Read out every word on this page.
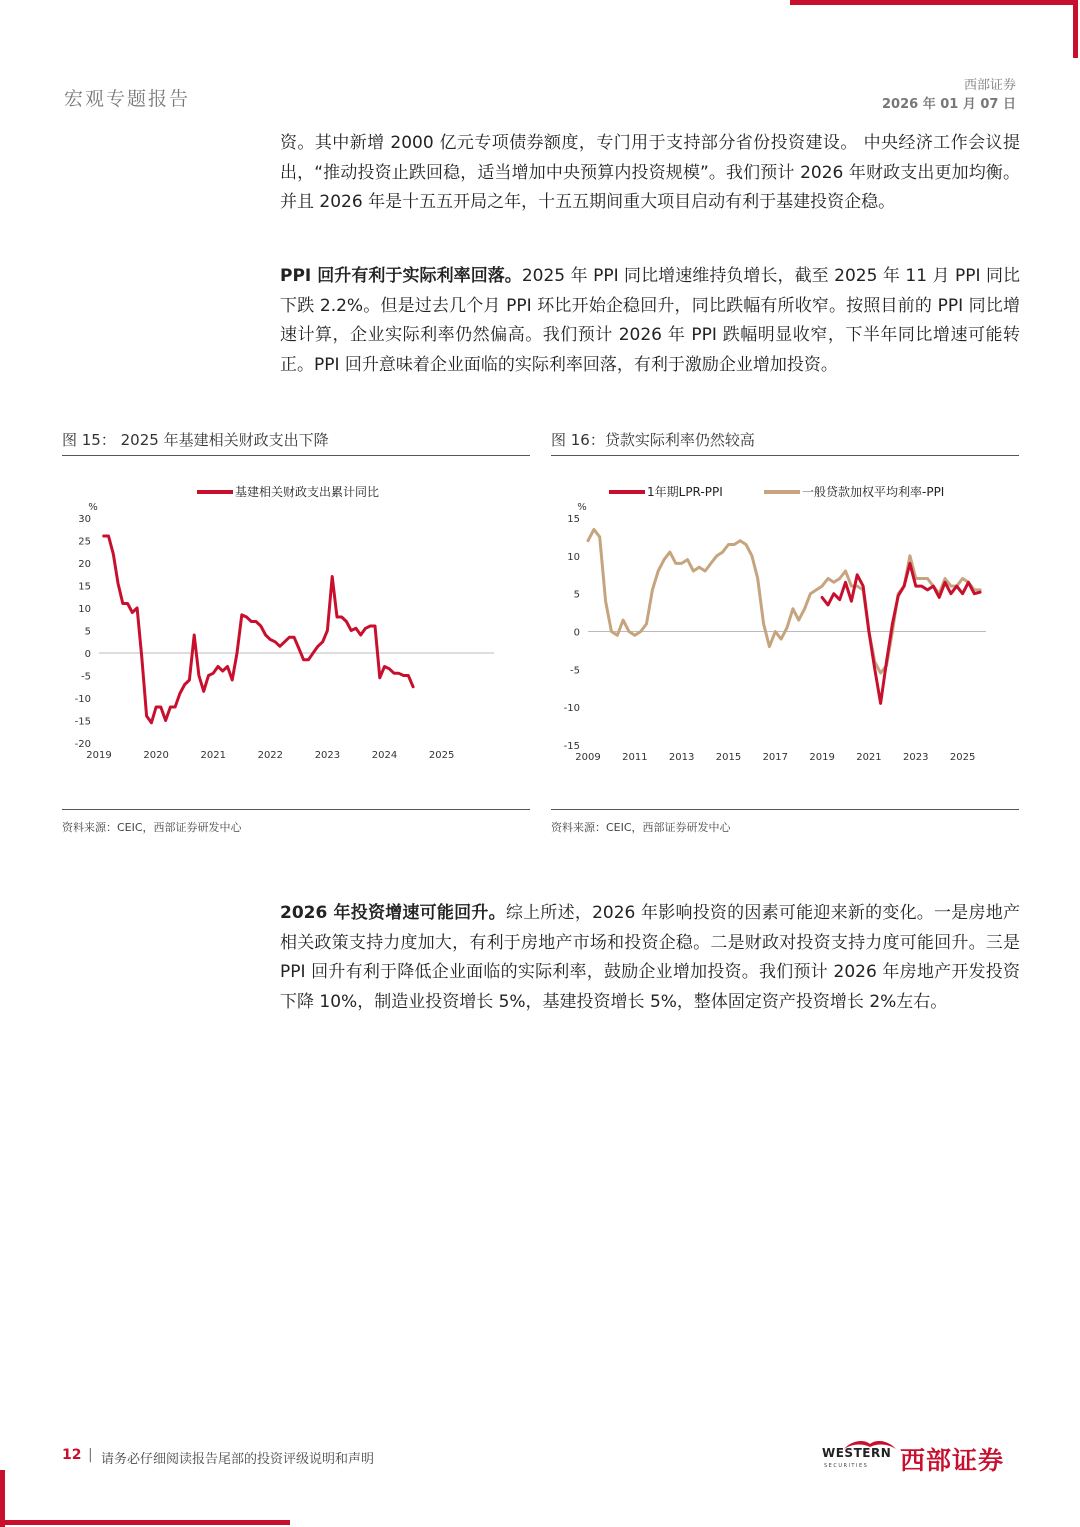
宏观专题报告
西部证券
2026 年 01 月 07 日
资。其中新增 2000 亿元专项债券额度，专门用于支持部分省份投资建设。 中央经济工作会议提出，“推动投资止跌回稳，适当增加中央预算内投资规模”。我们预计 2026 年财政支出更加均衡。并且 2026 年是十五五开局之年，十五五期间重大项目启动有利于基建投资企稳。
PPI 回升有利于实际利率回落。2025 年 PPI 同比增速维持负增长，截至 2025 年 11 月 PPI 同比下跌 2.2%。但是过去几个月 PPI 环比开始企稳回升，同比跌幅有所收窄。按照目前的 PPI 同比增速计算，企业实际利率仍然偏高。我们预计 2026 年 PPI 跌幅明显收窄，下半年同比增速可能转正。PPI 回升意味着企业面临的实际利率回落，有利于激励企业增加投资。
图 15： 2025 年基建相关财政支出下降
%
30
25
20
15
10
5
0
-5
-10
-15
-20
2019	2020	2021	2022	2023	2024	2025
基建相关财政支出累计同比
资料来源：CEIC，西部证券研发中心
图 16：贷款实际利率仍然较高
%
15
10
5
0
-5
-10
-15
2009 2011 2013 2015 2017 2019 2021 2023 2025
1年期LPR-PPI	一般贷款加权平均利率-PPI
资料来源：CEIC，西部证券研发中心
2026 年投资增速可能回升。综上所述，2026 年影响投资的因素可能迎来新的变化。一是房地产相关政策支持力度加大，有利于房地产市场和投资企稳。二是财政对投资支持力度可能回升。三是 PPI 回升有利于降低企业面临的实际利率，鼓励企业增加投资。我们预计 2026 年房地产开发投资下降 10%，制造业投资增长 5%，基建投资增长 5%，整体固定资产投资增长 2%左右。
12 | 请务必仔细阅读报告尾部的投资评级说明和声明	WESTERN
SECURITIES 西部证券
